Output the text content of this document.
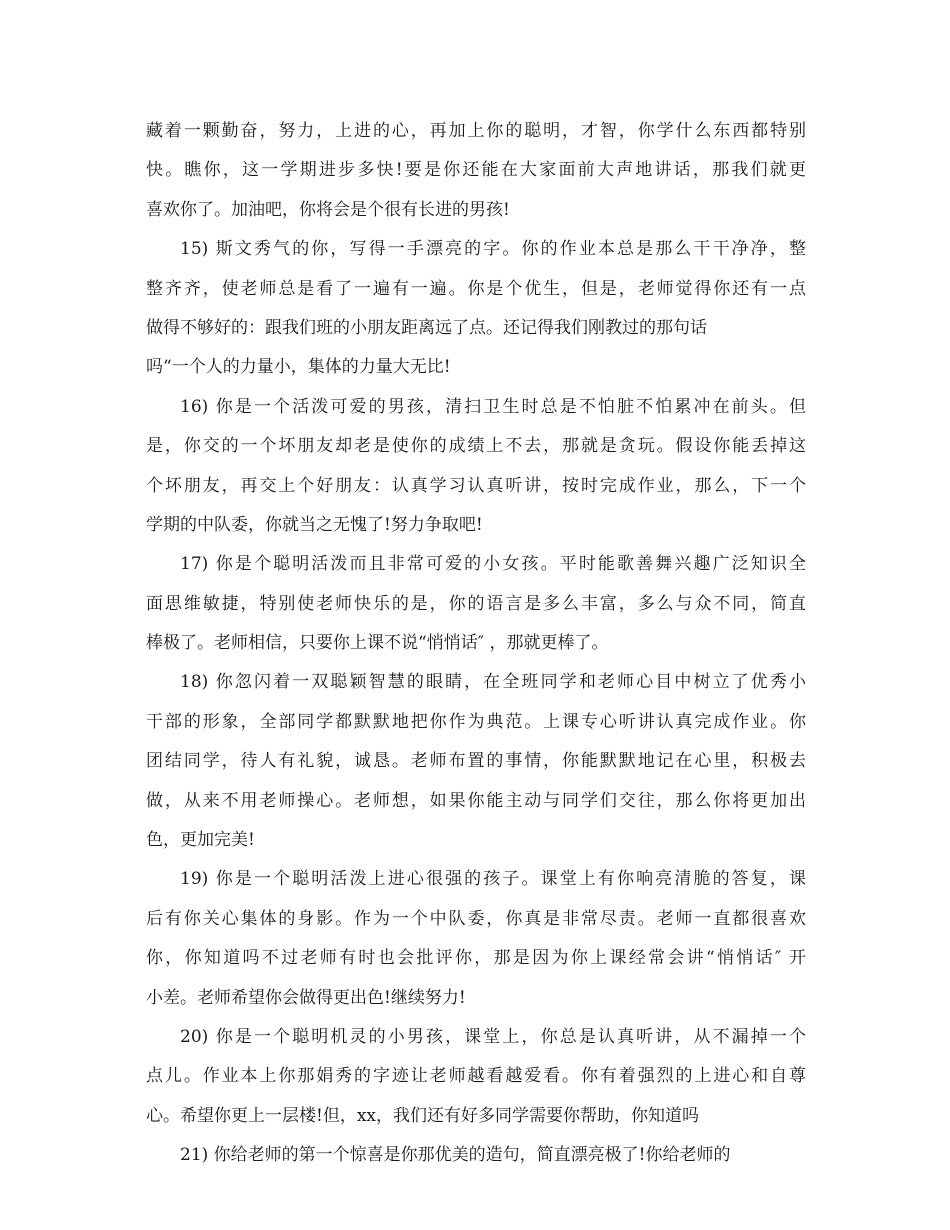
藏着一颗勤奋，努力，上进的心，再加上你的聪明，才智，你学什么东西都特别
快。瞧你，这一学期进步多快!要是你还能在大家面前大声地讲话，那我们就更
喜欢你了。加油吧，你将会是个很有长进的男孩!
15) 斯文秀气的你，写得一手漂亮的字。你的作业本总是那么干干净净，整
整齐齐，使老师总是看了一遍有一遍。你是个优生，但是，老师觉得你还有一点
做得不够好的：跟我们班的小朋友距离远了点。还记得我们刚教过的那句话
吗“一个人的力量小，集体的力量大无比!
16) 你是一个活泼可爱的男孩，清扫卫生时总是不怕脏不怕累冲在前头。但
是，你交的一个坏朋友却老是使你的成绩上不去，那就是贪玩。假设你能丢掉这
个坏朋友，再交上个好朋友：认真学习认真听讲，按时完成作业，那么，下一个
学期的中队委，你就当之无愧了!努力争取吧!
17) 你是个聪明活泼而且非常可爱的小女孩。平时能歌善舞兴趣广泛知识全
面思维敏捷，特别使老师快乐的是，你的语言是多么丰富，多么与众不同，简直
棒极了。老师相信，只要你上课不说“悄悄话″ ，那就更棒了。
18) 你忽闪着一双聪颖智慧的眼睛，在全班同学和老师心目中树立了优秀小
干部的形象，全部同学都默默地把你作为典范。上课专心听讲认真完成作业。你
团结同学，待人有礼貌，诚恳。老师布置的事情，你能默默地记在心里，积极去
做，从来不用老师操心。老师想，如果你能主动与同学们交往，那么你将更加出
色，更加完美!
19) 你是一个聪明活泼上进心很强的孩子。课堂上有你响亮清脆的答复，课
后有你关心集体的身影。作为一个中队委，你真是非常尽责。老师一直都很喜欢
你，你知道吗不过老师有时也会批评你，那是因为你上课经常会讲“悄悄话″ 开
小差。老师希望你会做得更出色!继续努力!
20) 你是一个聪明机灵的小男孩，课堂上，你总是认真听讲，从不漏掉一个
点儿。作业本上你那娟秀的字迹让老师越看越爱看。你有着强烈的上进心和自尊
心。希望你更上一层楼!但，xx，我们还有好多同学需要你帮助，你知道吗
21) 你给老师的第一个惊喜是你那优美的造句，简直漂亮极了!你给老师的
